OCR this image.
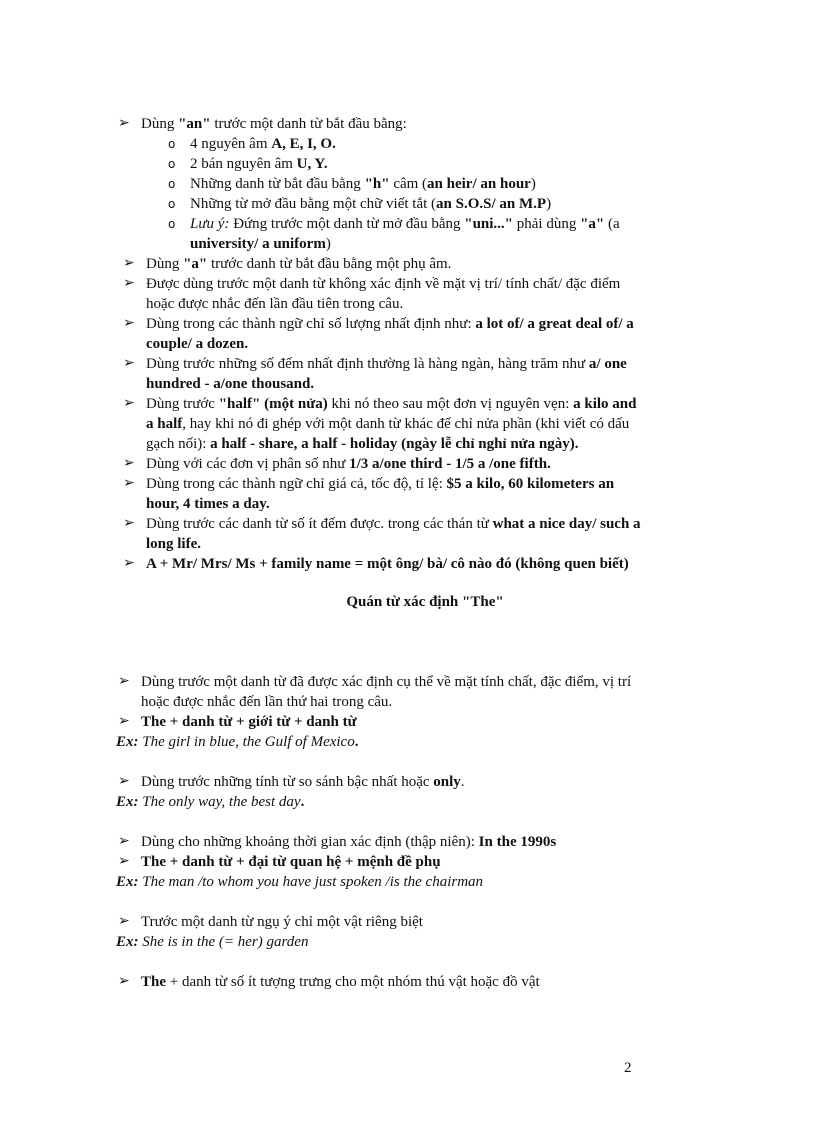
➢ Dùng "an" trước một danh từ bắt đầu bằng:
o 4 nguyên âm A, E, I, O.
o 2 bán nguyên âm U, Y.
o Những danh từ bắt đầu bằng "h" câm (an heir/ an hour)
o Những từ mở đầu bằng một chữ viết tắt (an S.O.S/ an M.P)
o Lưu ý: Đứng trước một danh từ mở đầu bằng "uni..." phải dùng "a" (a
university/ a uniform)
➢ Dùng "a" trước danh từ bắt đầu bằng một phụ âm.
➢ Được dùng trước một danh từ không xác định về mặt vị trí/ tính chất/ đặc điểm
hoặc được nhắc đến lần đầu tiên trong câu.
➢ Dùng trong các thành ngữ chỉ số lượng nhất định như: a lot of/ a great deal of/ a
couple/ a dozen.
➢ Dùng trước những số đếm nhất định thường là hàng ngàn, hàng trăm như a/ one
hundred - a/one thousand.
➢ Dùng trước "half" (một nửa) khi nó theo sau một đơn vị nguyên vẹn: a kilo and
a half, hay khi nó đi ghép với một danh từ khác để chỉ nửa phần (khi viết có dấu
gạch nối): a half - share, a half - holiday (ngày lễ chỉ nghỉ nửa ngày).
➢ Dùng với các đơn vị phân số như 1/3 a/one third - 1/5 a /one fifth.
➢ Dùng trong các thành ngữ chỉ giá cả, tốc độ, tỉ lệ: $5 a kilo, 60 kilometers an
hour, 4 times a day.
➢ Dùng trước các danh từ số ít đếm được. trong các thán từ what a nice day/ such a
long life.
➢ A + Mr/ Mrs/ Ms + family name = một ông/ bà/ cô nào đó (không quen biết)
Quán từ xác định "The"
➢ Dùng trước một danh từ đã được xác định cụ thể về mặt tính chất, đặc điểm, vị trí
hoặc được nhắc đến lần thứ hai trong câu.
➢ The + danh từ + giới từ + danh từ
Ex: The girl in blue, the Gulf of Mexico.
➢ Dùng trước những tính từ so sánh bậc nhất hoặc only.
Ex: The only way, the best day.
➢ Dùng cho những khoảng thời gian xác định (thập niên): In the 1990s
➢ The + danh từ + đại từ quan hệ + mệnh đề phụ
Ex: The man /to whom you have just spoken /is the chairman
➢ Trước một danh từ ngụ ý chỉ một vật riêng biệt
Ex: She is in the (= her) garden
➢ The + danh từ số ít tượng trưng cho một nhóm thú vật hoặc đồ vật
2
